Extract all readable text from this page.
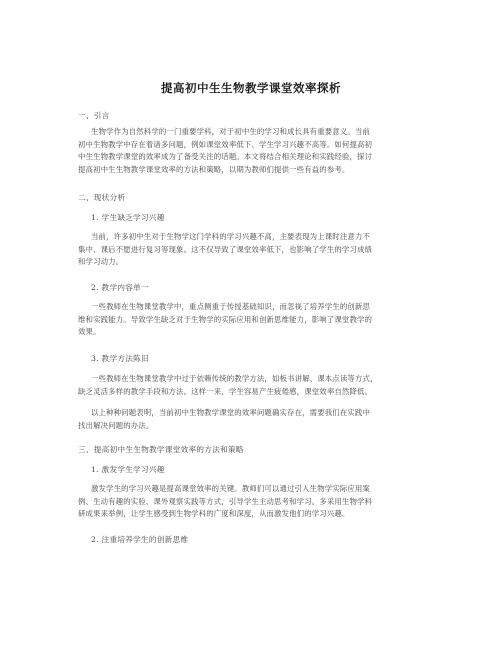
提高初中生生物教学课堂效率探析
一、引言
生物学作为自然科学的一门重要学科，对于初中生的学习和成长具有重要意义。当前
初中生物教学中存在着诸多问题，例如课堂效率低下、学生学习兴趣不高等。如何提高初
中生生物教学课堂的效率成为了备受关注的话题。本文将结合相关理论和实践经验，探讨
提高初中生生物教学课堂效率的方法和策略，以期为教师们提供一些有益的参考。
二、现状分析
1. 学生缺乏学习兴趣
当前，许多初中生对于生物学这门学科的学习兴趣不高，主要表现为上课时注意力不
集中、课后不愿进行复习等现象。这不仅导致了课堂效率低下，也影响了学生的学习成绩
和学习动力。
2. 教学内容单一
一些教师在生物课堂教学中，重点侧重于传授基础知识，而忽视了培养学生的创新思
维和实践能力。导致学生缺乏对于生物学的实际应用和创新思维能力，影响了课堂教学的
效果。
3. 教学方法陈旧
一些教师在生物课堂教学中过于依赖传统的教学方法，如板书讲解、课本点读等方式，
缺乏灵活多样的教学手段和方法。这样一来，学生容易产生疲倦感，课堂效率自然降低。
以上种种问题表明，当前初中生物教学课堂的效率问题确实存在，需要我们在实践中
找出解决问题的办法。
三、提高初中生生物教学课堂效率的方法和策略
1. 激发学生学习兴趣
激发学生的学习兴趣是提高课堂效率的关键。教师们可以通过引入生物学实际应用案
例、生动有趣的实验、课外观察实践等方式，引导学生主动思考和学习。多采用生物学科
研成果来举例，让学生感受到生物学科的广度和深度，从而激发他们的学习兴趣。
2. 注重培养学生的创新思维
